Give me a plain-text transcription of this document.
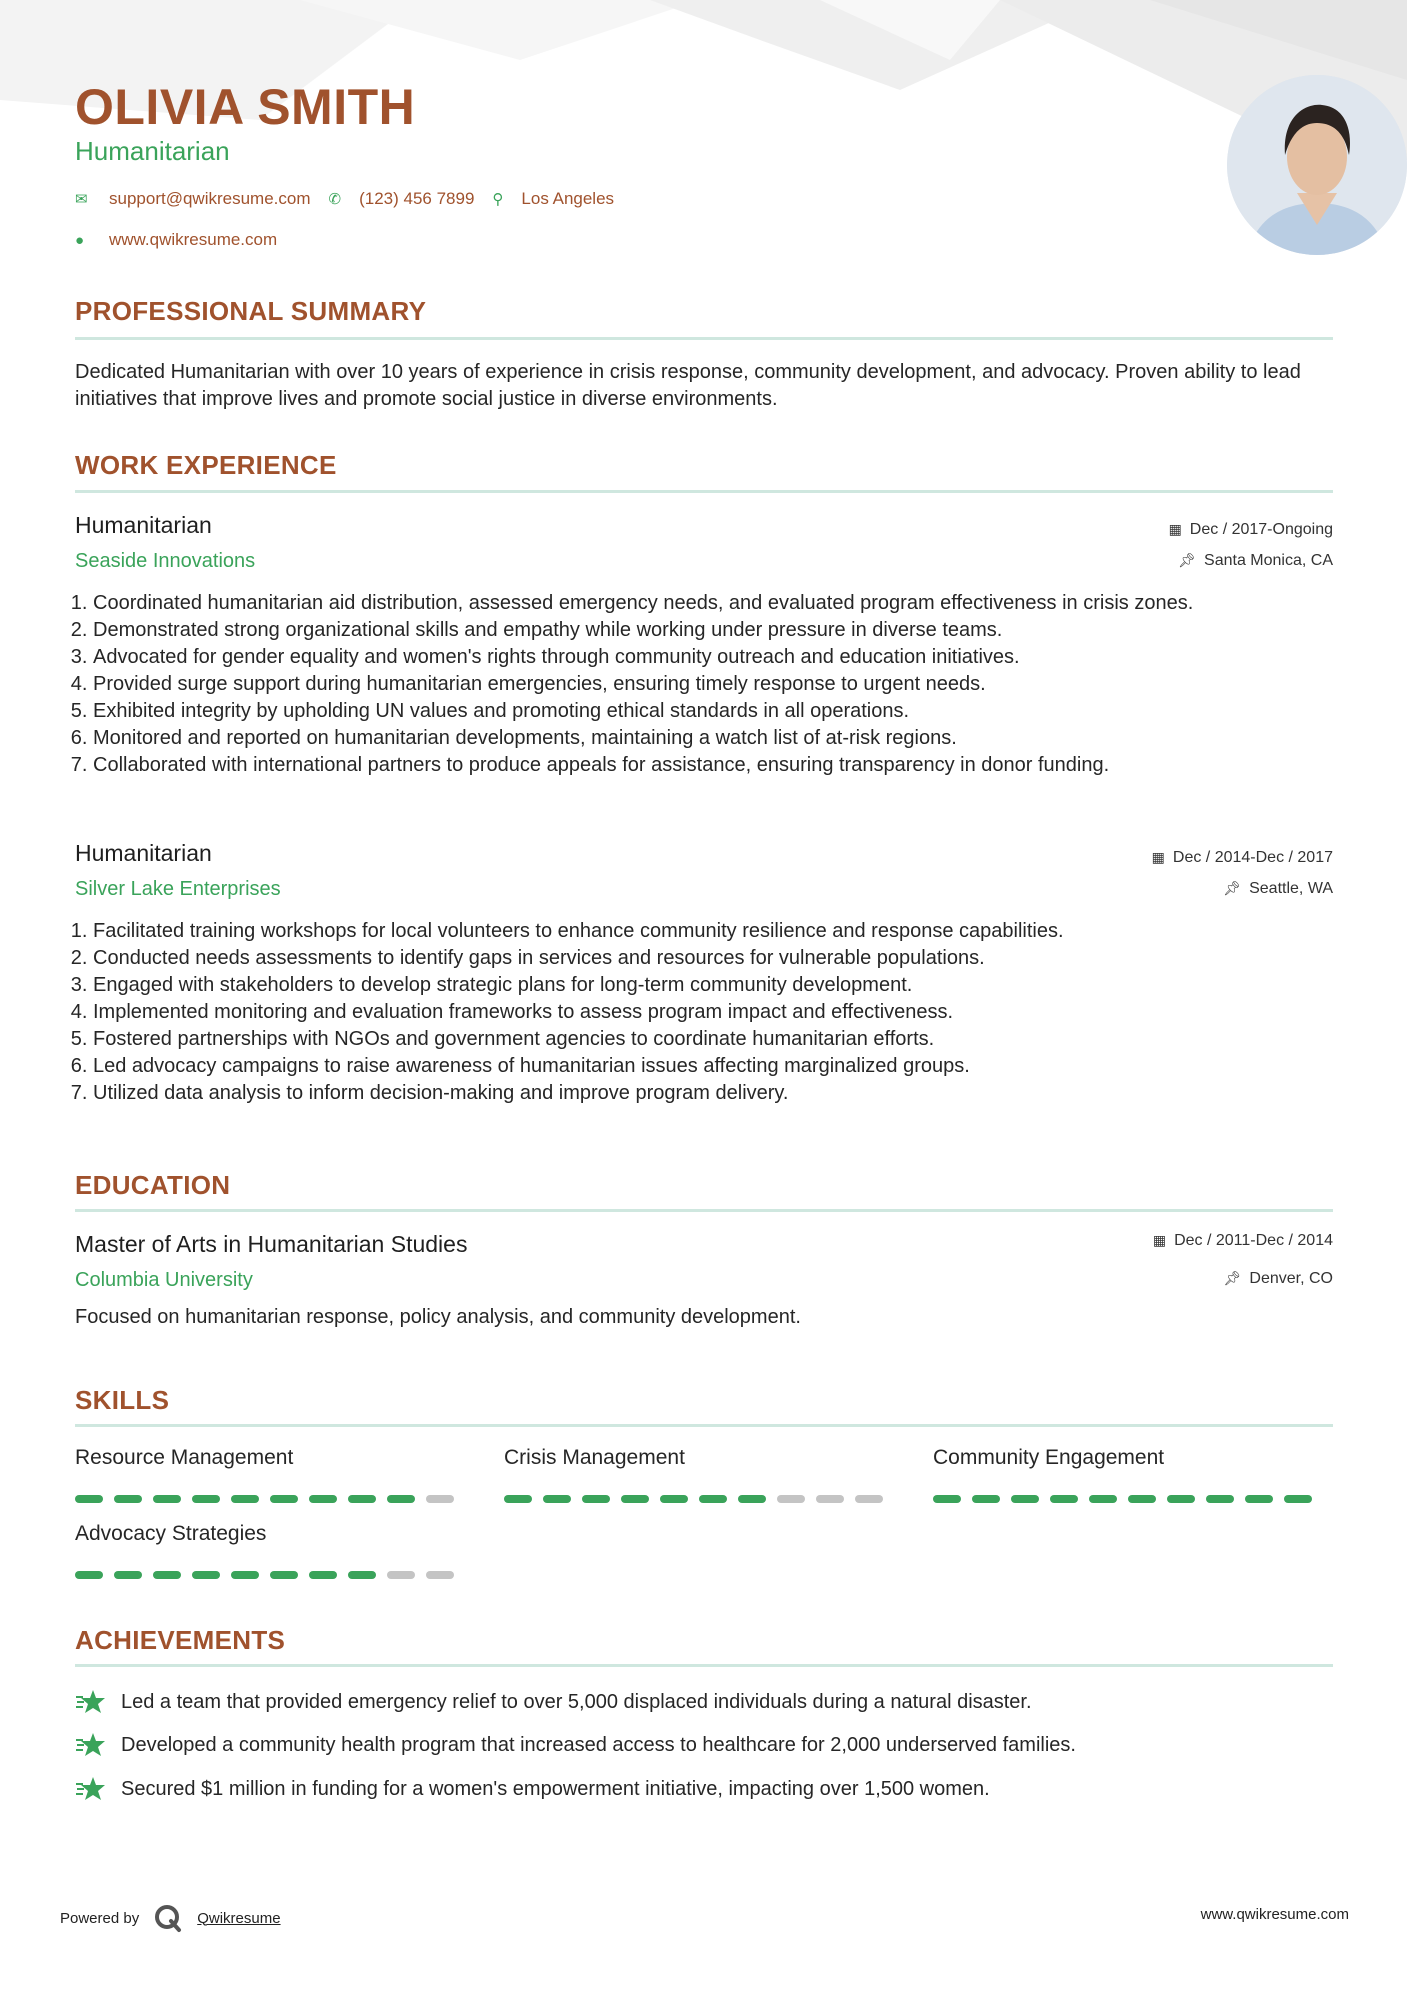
OLIVIA SMITH
Humanitarian
✉	support@qwikresume.com ✆ (123) 456 7899 ⚲ Los Angeles
●	www.qwikresume.com
PROFESSIONAL SUMMARY
Dedicated Humanitarian with over 10 years of experience in crisis response, community development, and advocacy. Proven ability to lead initiatives that improve lives and promote social justice in diverse environments.
WORK EXPERIENCE
Humanitarian	▦ Dec / 2017-Ongoing
Seaside Innovations	📌︎ Santa Monica, CA
1. Coordinated humanitarian aid distribution, assessed emergency needs, and evaluated program effectiveness in crisis zones.
2. Demonstrated strong organizational skills and empathy while working under pressure in diverse teams.
3. Advocated for gender equality and women's rights through community outreach and education initiatives.
4. Provided surge support during humanitarian emergencies, ensuring timely response to urgent needs.
5. Exhibited integrity by upholding UN values and promoting ethical standards in all operations.
6. Monitored and reported on humanitarian developments, maintaining a watch list of at-risk regions.
7. Collaborated with international partners to produce appeals for assistance, ensuring transparency in donor funding.
Humanitarian	▦ Dec / 2014-Dec / 2017
Silver Lake Enterprises	📌︎ Seattle, WA
1. Facilitated training workshops for local volunteers to enhance community resilience and response capabilities.
2. Conducted needs assessments to identify gaps in services and resources for vulnerable populations.
3. Engaged with stakeholders to develop strategic plans for long-term community development.
4. Implemented monitoring and evaluation frameworks to assess program impact and effectiveness.
5. Fostered partnerships with NGOs and government agencies to coordinate humanitarian efforts.
6. Led advocacy campaigns to raise awareness of humanitarian issues affecting marginalized groups.
7. Utilized data analysis to inform decision-making and improve program delivery.
EDUCATION
Master of Arts in Humanitarian Studies	▦ Dec / 2011-Dec / 2014
Columbia University	📌︎ Denver, CO
Focused on humanitarian response, policy analysis, and community development.
SKILLS
Resource Management	Crisis Management	Community Engagement
Advocacy Strategies
ACHIEVEMENTS
Led a team that provided emergency relief to over 5,000 displaced individuals during a natural disaster.
Developed a community health program that increased access to healthcare for 2,000 underserved families.
Secured $1 million in funding for a women's empowerment initiative, impacting over 1,500 women.
Powered by	Qwikresume	www.qwikresume.com
